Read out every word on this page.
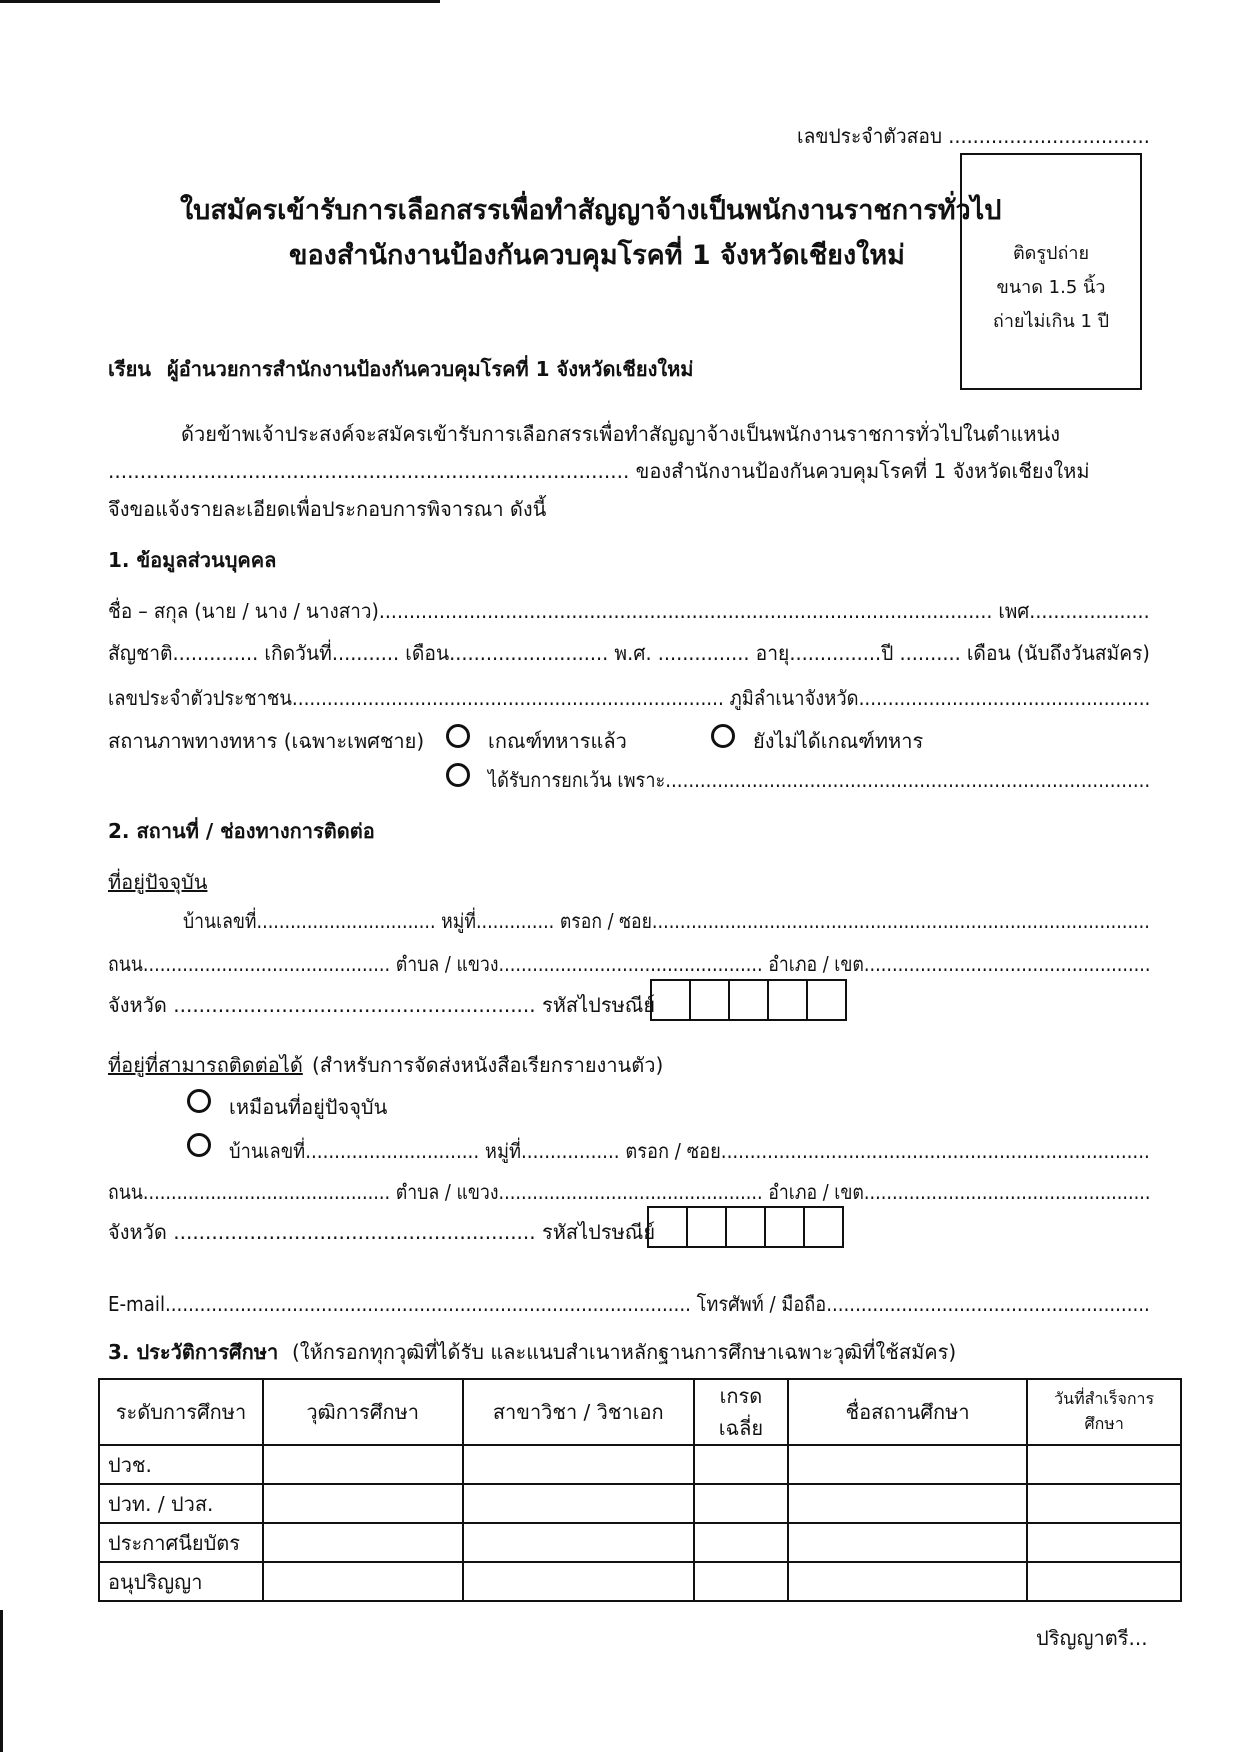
เลขประจำตัวสอบ .................................
ใบสมัครเข้ารับการเลือกสรรเพื่อทำสัญญาจ้างเป็นพนักงานราชการทั่วไป
ของสำนักงานป้องกันควบคุมโรคที่ 1 จังหวัดเชียงใหม่	ติดรูปถ่าย
ขนาด 1.5 นิ้ว
ถ่ายไม่เกิน 1 ปี
เรียน ผู้อำนวยการสำนักงานป้องกันควบคุมโรคที่ 1 จังหวัดเชียงใหม่
ด้วยข้าพเจ้าประสงค์จะสมัครเข้ารับการเลือกสรรเพื่อทำสัญญาจ้างเป็นพนักงานราชการทั่วไปในตำแหน่ง
.................................................................................. ของสำนักงานป้องกันควบคุมโรคที่ 1 จังหวัดเชียงใหม่
จึงขอแจ้งรายละเอียดเพื่อประกอบการพิจารณา ดังนี้
1. ข้อมูลส่วนบุคคล
ชื่อ – สกุล (นาย / นาง / นางสาว)...................................................................................................... เพศ....................
สัญชาติ.............. เกิดวันที่........... เดือน.......................... พ.ศ. ............... อายุ...............ปี .......... เดือน (นับถึงวันสมัคร)
เลขประจำตัวประชาชน.......................................................................... ภูมิลำเนาจังหวัด..................................................
สถานภาพทางทหาร (เฉพาะเพศชาย)	เกณฑ์ทหารแล้ว	ยังไม่ได้เกณฑ์ทหาร
ได้รับการยกเว้น เพราะ....................................................................................
2. สถานที่ / ช่องทางการติดต่อ
ที่อยู่ปัจจุบัน
บ้านเลขที่................................ หมู่ที่.............. ตรอก / ซอย.........................................................................................
ถนน............................................ ตำบล / แขวง............................................... อำเภอ / เขต...................................................
จังหวัด ......................................................... รหัสไปรษณีย์
ที่อยู่ที่สามารถติดต่อได้ (สำหรับการจัดส่งหนังสือเรียกรายงานตัว)
เหมือนที่อยู่ปัจจุบัน
บ้านเลขที่.............................. หมู่ที่................. ตรอก / ซอย..........................................................................
ถนน............................................ ตำบล / แขวง............................................... อำเภอ / เขต...................................................
จังหวัด ......................................................... รหัสไปรษณีย์
E-mail........................................................................................... โทรศัพท์ / มือถือ........................................................
3. ประวัติการศึกษา (ให้กรอกทุกวุฒิที่ได้รับ และแนบสำเนาหลักฐานการศึกษาเฉพาะวุฒิที่ใช้สมัคร)
ระดับการศึกษา	วุฒิการศึกษา	สาขาวิชา / วิชาเอก	เกรดเฉลี่ย	ชื่อสถานศึกษา	วันที่สำเร็จการศึกษา
ปวช.					
ปวท. / ปวส.					
ประกาศนียบัตร					
อนุปริญญา					
ปริญญาตรี...
